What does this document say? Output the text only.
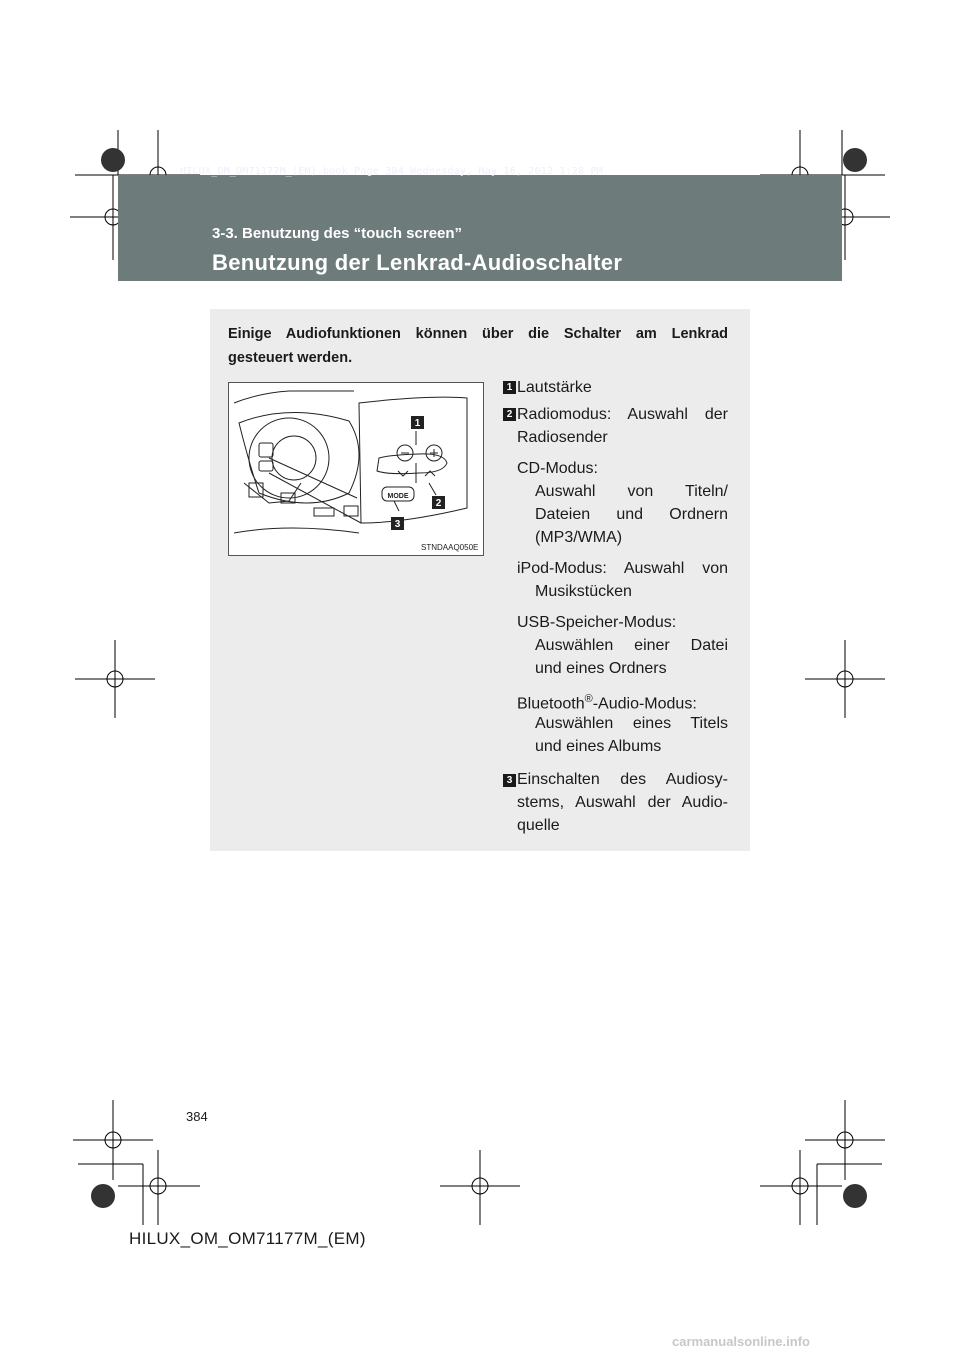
HILUX_OM_OM71177M_(EM).book Page 384 Wednesday, May 16, 2012 1:28 PM
3-3. Benutzung des “touch screen”
Benutzung der Lenkrad-Audioschalter
Einige Audiofunktionen können über die Schalter am Lenkrad
gesteuert werden.
1
2
3
MODE
STNDAAQ050E
1 Lautstärke
2 Radiomodus: Auswahl der
Radiosender
CD-Modus:
Auswahl von Titeln/
Dateien und Ordnern
(MP3/WMA)
iPod-Modus: Auswahl von
Musikstücken
USB-Speicher-Modus:
Auswählen einer Datei
und eines Ordners
Bluetooth®-Audio-Modus:
Auswählen eines Titels
und eines Albums
3 Einschalten des Audiosy-
stems, Auswahl der Audio-
quelle
384
HILUX_OM_OM71177M_(EM)
carmanualsonline.info
